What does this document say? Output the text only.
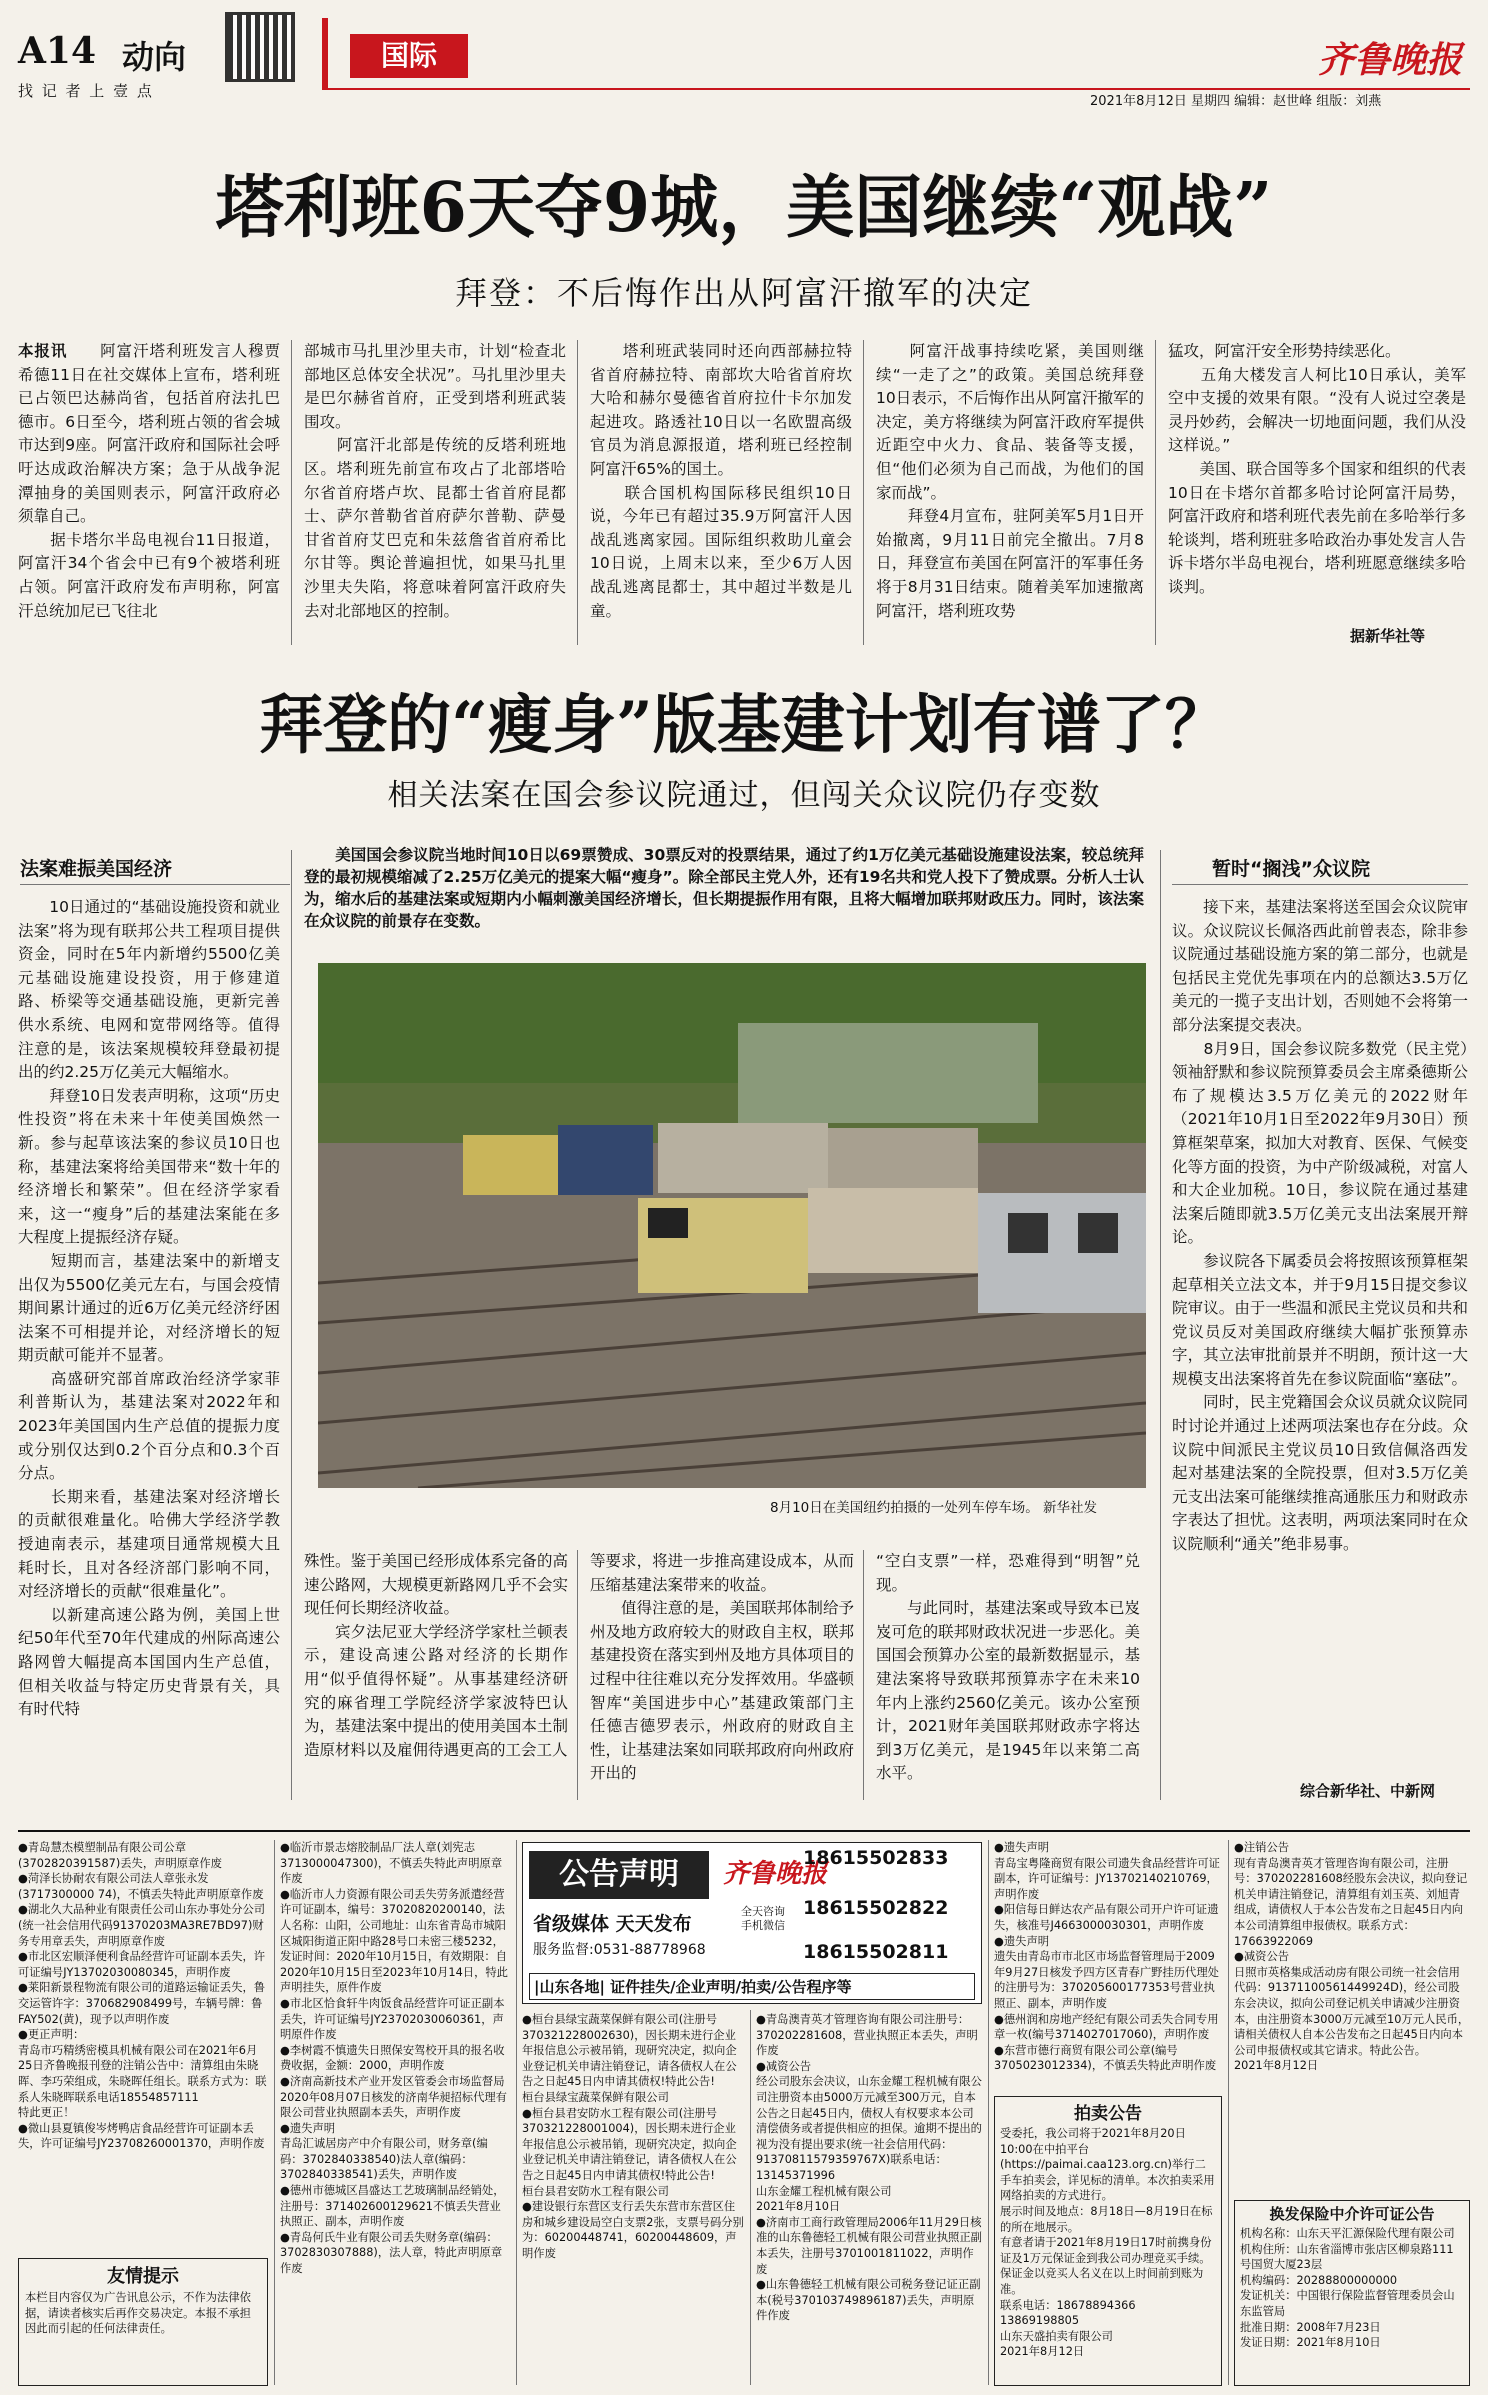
A14 动向
找 记 者 上 壹 点
国际	齐鲁晚报
2021年8月12日 星期四 编辑：赵世峰 组版：刘燕
塔利班6天夺9城，美国继续“观战”
拜登：不后悔作出从阿富汗撤军的决定
本报讯　　阿富汗塔利班发言人穆贾希德11日在社交媒体上宣布，塔利班已占领巴达赫尚省，包括首府法扎巴德市。6日至今，塔利班占领的省会城市达到9座。阿富汗政府和国际社会呼吁达成政治解决方案；急于从战争泥潭抽身的美国则表示，阿富汗政府必须靠自己。
　　据卡塔尔半岛电视台11日报道，阿富汗34个省会中已有9个被塔利班占领。阿富汗政府发布声明称，阿富汗总统加尼已飞往北
部城市马扎里沙里夫市，计划“检查北部地区总体安全状况”。马扎里沙里夫是巴尔赫省首府，正受到塔利班武装围攻。
　　阿富汗北部是传统的反塔利班地区。塔利班先前宣布攻占了北部塔哈尔省首府塔卢坎、昆都士省首府昆都士、萨尔普勒省首府萨尔普勒、萨曼甘省首府艾巴克和朱兹詹省首府希比尔甘等。舆论普遍担忧，如果马扎里沙里夫失陷，将意味着阿富汗政府失去对北部地区的控制。
　　塔利班武装同时还向西部赫拉特省首府赫拉特、南部坎大哈省首府坎大哈和赫尔曼德省首府拉什卡尔加发起进攻。路透社10日以一名欧盟高级官员为消息源报道，塔利班已经控制阿富汗65%的国土。
　　联合国机构国际移民组织10日说，今年已有超过35.9万阿富汗人因战乱逃离家园。国际组织救助儿童会10日说，上周末以来，至少6万人因战乱逃离昆都士，其中超过半数是儿童。
　　阿富汗战事持续吃紧，美国则继续“一走了之”的政策。美国总统拜登10日表示，不后悔作出从阿富汗撤军的决定，美方将继续为阿富汗政府军提供近距空中火力、食品、装备等支援，但“他们必须为自己而战，为他们的国家而战”。
　　拜登4月宣布，驻阿美军5月1日开始撤离，9月11日前完全撤出。7月8日，拜登宣布美国在阿富汗的军事任务将于8月31日结束。随着美军加速撤离阿富汗，塔利班攻势
猛攻，阿富汗安全形势持续恶化。
　　五角大楼发言人柯比10日承认，美军空中支援的效果有限。“没有人说过空袭是灵丹妙药，会解决一切地面问题，我们从没这样说。”
　　美国、联合国等多个国家和组织的代表10日在卡塔尔首都多哈讨论阿富汗局势，阿富汗政府和塔利班代表先前在多哈举行多轮谈判，塔利班驻多哈政治办事处发言人告诉卡塔尔半岛电视台，塔利班愿意继续多哈谈判。
据新华社等
拜登的“瘦身”版基建计划有谱了？
相关法案在国会参议院通过，但闯关众议院仍存变数
法案难振美国经济
　　10日通过的“基础设施投资和就业法案”将为现有联邦公共工程项目提供资金，同时在5年内新增约5500亿美元基础设施建设投资，用于修建道路、桥梁等交通基础设施，更新完善供水系统、电网和宽带网络等。值得注意的是，该法案规模较拜登最初提出的约2.25万亿美元大幅缩水。
　　拜登10日发表声明称，这项“历史性投资”将在未来十年使美国焕然一新。参与起草该法案的参议员10日也称，基建法案将给美国带来“数十年的经济增长和繁荣”。但在经济学家看来，这一“瘦身”后的基建法案能在多大程度上提振经济存疑。
　　短期而言，基建法案中的新增支出仅为5500亿美元左右，与国会疫情期间累计通过的近6万亿美元经济纾困法案不可相提并论，对经济增长的短期贡献可能并不显著。
　　高盛研究部首席政治经济学家菲利普斯认为，基建法案对2022年和2023年美国国内生产总值的提振力度或分别仅达到0.2个百分点和0.3个百分点。
　　长期来看，基建法案对经济增长的贡献很难量化。哈佛大学经济学教授迪南表示，基建项目通常规模大且耗时长，且对各经济部门影响不同，对经济增长的贡献“很难量化”。
　　以新建高速公路为例，美国上世纪50年代至70年代建成的州际高速公路网曾大幅提高本国国内生产总值，但相关收益与特定历史背景有关，具有时代特
　　美国国会参议院当地时间10日以69票赞成、30票反对的投票结果，通过了约1万亿美元基础设施建设法案，较总统拜登的最初规模缩减了2.25万亿美元的提案大幅“瘦身”。除全部民主党人外，还有19名共和党人投下了赞成票。分析人士认为，缩水后的基建法案或短期内小幅刺激美国经济增长，但长期提振作用有限，且将大幅增加联邦财政压力。同时，该法案在众议院的前景存在变数。
8月10日在美国纽约拍摄的一处列车停车场。 新华社发
殊性。鉴于美国已经形成体系完备的高速公路网，大规模更新路网几乎不会实现任何长期经济收益。
　　宾夕法尼亚大学经济学家杜兰顿表示，建设高速公路对经济的长期作用“似乎值得怀疑”。从事基建经济研究的麻省理工学院经济学家波特巴认为，基建法案中提出的使用美国本土制造原材料以及雇佣待遇更高的工会工人
等要求，将进一步推高建设成本，从而压缩基建法案带来的收益。
　　值得注意的是，美国联邦体制给予州及地方政府较大的财政自主权，联邦基建投资在落实到州及地方具体项目的过程中往往难以充分发挥效用。华盛顿智库“美国进步中心”基建政策部门主任德吉德罗表示，州政府的财政自主性，让基建法案如同联邦政府向州政府开出的
“空白支票”一样，恐难得到“明智”兑现。
　　与此同时，基建法案或导致本已岌岌可危的联邦财政状况进一步恶化。美国国会预算办公室的最新数据显示，基建法案将导致联邦预算赤字在未来10年内上涨约2560亿美元。该办公室预计，2021财年美国联邦财政赤字将达到3万亿美元，是1945年以来第二高水平。
暂时“搁浅”众议院
　　接下来，基建法案将送至国会众议院审议。众议院议长佩洛西此前曾表态，除非参议院通过基础设施方案的第二部分，也就是包括民主党优先事项在内的总额达3.5万亿美元的一揽子支出计划，否则她不会将第一部分法案提交表决。
　　8月9日，国会参议院多数党（民主党）领袖舒默和参议院预算委员会主席桑德斯公布了规模达3.5万亿美元的2022财年（2021年10月1日至2022年9月30日）预算框架草案，拟加大对教育、医保、气候变化等方面的投资，为中产阶级减税，对富人和大企业加税。10日，参议院在通过基建法案后随即就3.5万亿美元支出法案展开辩论。
　　参议院各下属委员会将按照该预算框架起草相关立法文本，并于9月15日提交参议院审议。由于一些温和派民主党议员和共和党议员反对美国政府继续大幅扩张预算赤字，其立法审批前景并不明朗，预计这一大规模支出法案将首先在参议院面临“塞砝”。
　　同时，民主党籍国会众议员就众议院同时讨论并通过上述两项法案也存在分歧。众议院中间派民主党议员10日致信佩洛西发起对基建法案的全院投票，但对3.5万亿美元支出法案可能继续推高通胀压力和财政赤字表达了担忧。这表明，两项法案同时在众议院顺利“通关”绝非易事。
综合新华社、中新网
●青岛慧杰模塑制品有限公司公章(3702820391587)丢失，声明原章作废
●菏泽长协耐农有限公司法人章张永发(3717300000 74)，不慎丢失特此声明原章作废
●湖北久大品种业有限责任公司山东办事处分公司(统一社会信用代码91370203MA3RE7BD97)财务专用章丢失，声明原章作废
●市北区宏顺泽便利食品经营许可证副本丢失，许可证编号JY13702030080345，声明作废
●莱阳新景程物流有限公司的道路运输证丢失，鲁交运管许字：370682908499号，车辆号牌：鲁FAY502(黄)，现予以声明作废
●更正声明：
青岛市巧精绣密模具机械有限公司在2021年6月25日齐鲁晚报刊登的注销公告中：清算组由朱晓晖、李巧荣组成，朱晓晖任组长。联系方式为：联系人朱晓晖联系电话18554857111
特此更正！
●微山县夏镇俊岑烤鸭店食品经营许可证副本丢失，许可证编号JY23708260001370，声明作废
友情提示
本栏目内容仅为广告讯息公示，不作为法律依据，请读者核实后再作交易决定。本报不承担因此而引起的任何法律责任。
●临沂市景志熔胶制品厂法人章(刘宪志 3713000047300)，不慎丢失特此声明原章作废
●临沂市人力资源有限公司丢失劳务派遣经营许可证副本，编号：37020820200140，法人名称：山阳，公司地址：山东省青岛市城阳区城阳街道正阳中路28号口未密三楼5232，发证时间：2020年10月15日，有效期限：自2020年10月15日至2023年10月14日，特此声明挂失，原件作废
●市北区恰食轩牛肉饭食品经营许可证正副本丢失，许可证编号JY23702030060361，声明原件作废
●李树霞不慎遗失日照保安驾校开具的报名收费收据，金额：2000，声明作废
●济南高新技术产业开发区管委会市场监督局2020年08月07日核发的济南华昶招标代理有限公司营业执照副本丢失，声明作废
●遗失声明
青岛汇诚居房产中介有限公司，财务章(编码：3702840338540)法人章(编码：3702840338541)丢失，声明作废
●德州市德城区昌盛达工艺玻璃制品经销处，注册号：371402600129621不慎丢失营业执照正、副本，声明作废
●青岛何氏牛业有限公司丢失财务章(编码：3702830307888)，法人章，特此声明原章作废
公告声明	齐鲁晚报
省级媒体 天天发布
服务监督:0531-88778968
全天咨询手机微信
18615502833
18615502822
18615502811
|山东各地| 证件挂失/企业声明/拍卖/公告程序等
●桓台县绿宝蔬菜保鲜有限公司(注册号370321228002630)，因长期未进行企业年报信息公示被吊销，现研究决定，拟向企业登记机关申请注销登记，请各债权人在公告之日起45日内申请其债权!特此公告!
桓台县绿宝蔬菜保鲜有限公司
●桓台县君安防水工程有限公司(注册号370321228001004)，因长期未进行企业年报信息公示被吊销，现研究决定，拟向企业登记机关申请注销登记，请各债权人在公告之日起45日内申请其债权!特此公告!
桓台县君安防水工程有限公司
●建设银行东营区支行丢失东营市东营区住房和城乡建设局空白支票2张，支票号码分别为：60200448741，60200448609，声明作废
●青岛澳青英才管理咨询有限公司注册号：370202281608，营业执照正本丢失，声明作废
●减资公告
经公司股东会决议，山东金耀工程机械有限公司注册资本由5000万元减至300万元，自本公告之日起45日内，债权人有权要求本公司清偿债务或者提供相应的担保。逾期不提出的视为没有提出要求(统一社会信用代码：91370811579359767X)联系电话：13145371996
山东金耀工程机械有限公司
2021年8月10日
●济南市工商行政管理局2006年11月29日核准的山东鲁德轻工机械有限公司营业执照正副本丢失，注册号3701001811022，声明作废
●山东鲁德轻工机械有限公司税务登记证正副本(税号370103749896187)丢失，声明原件作废
●遗失声明
青岛宝粤隆商贸有限公司遗失食品经营许可证副本，许可证编号：JY13702140210769，声明作废
●阳信每日鲜达农产品有限公司开户许可证遗失，核准号J4663000030301，声明作废
●遗失声明
遗失由青岛市市北区市场监督管理局于2009年9月27日核发予四方区青春广野挂历代理处的注册号为：370205600177353号营业执照正、副本，声明作废
●德州润和房地产经纪有限公司丢失合同专用章一枚(编号3714027017060)，声明作废
●东营市德行商贸有限公司公章(编号3705023012334)，不慎丢失特此声明作废
拍卖公告
受委托，我公司将于2021年8月20日10:00在中拍平台(https://paimai.caa123.org.cn)举行二手车拍卖会，详见标的清单。本次拍卖采用网络拍卖的方式进行。
展示时间及地点：8月18日—8月19日在标的所在地展示。
有意者请于2021年8月19日17时前携身份证及1万元保证金到我公司办理竞买手续。保证金以竞买人名义在以上时间前到账为准。
联系电话：18678894366  13869198805
山东天盛拍卖有限公司
2021年8月12日
●注销公告
现有青岛澳青英才管理咨询有限公司，注册号：370202281608经股东会决议，拟向登记机关申请注销登记，清算组有刘玉英、刘旭青组成，请债权人于本公告发布之日起45日内向本公司清算组申报债权。联系方式：17663922069
●减资公告
日照市英格集成活动房有限公司统一社会信用代码：91371100561449924D)，经公司股东会决议，拟向公司登记机关申请减少注册资本，由注册资本3000万元减至10万元人民币，请相关债权人自本公告发布之日起45日内向本公司申报债权或其它请求。特此公告。
2021年8月12日
换发保险中介许可证公告
机构名称：山东天平汇源保险代理有限公司
机构住所：山东省淄博市张店区柳泉路111号国贸大厦23层
机构编码：20288800000000
发证机关：中国银行保险监督管理委员会山东监管局
批准日期：2008年7月23日
发证日期：2021年8月10日
